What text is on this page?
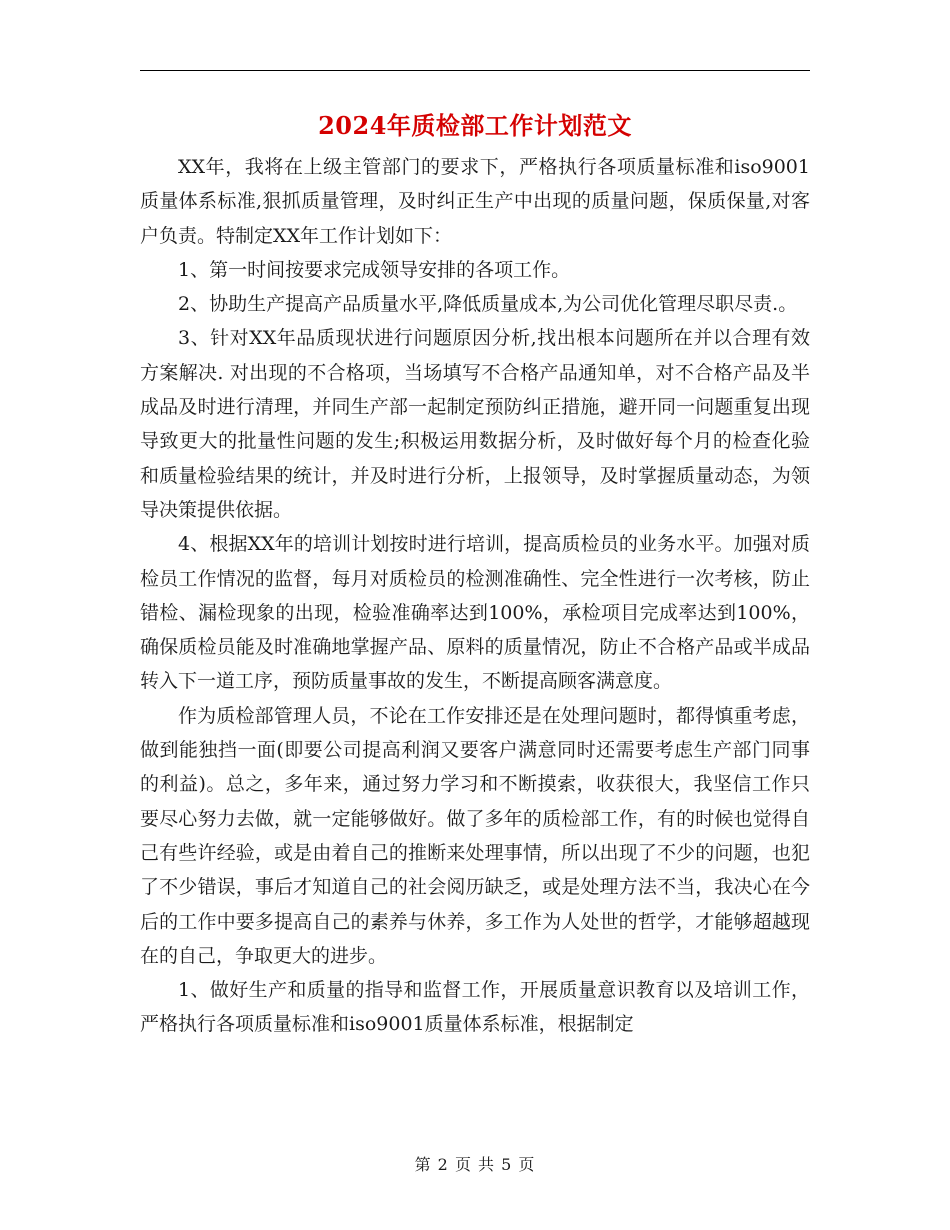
2024年质检部工作计划范文

XX年，我将在上级主管部门的要求下，严格执行各项质量标准和iso9001质量体系标准,狠抓质量管理，及时纠正生产中出现的质量问题，保质保量,对客户负责。特制定XX年工作计划如下：

1、第一时间按要求完成领导安排的各项工作。

2、协助生产提高产品质量水平,降低质量成本,为公司优化管理尽职尽责.。

3、针对XX年品质现状进行问题原因分析,找出根本问题所在并以合理有效方案解决. 对出现的不合格项，当场填写不合格产品通知单，对不合格产品及半成品及时进行清理，并同生产部一起制定预防纠正措施，避开同一问题重复出现导致更大的批量性问题的发生;积极运用数据分析，及时做好每个月的检查化验和质量检验结果的统计，并及时进行分析，上报领导，及时掌握质量动态，为领导决策提供依据。

4、根据XX年的培训计划按时进行培训，提高质检员的业务水平。加强对质检员工作情况的监督，每月对质检员的检测准确性、完全性进行一次考核，防止错检、漏检现象的出现，检验准确率达到100%，承检项目完成率达到100%，确保质检员能及时准确地掌握产品、原料的质量情况，防止不合格产品或半成品转入下一道工序，预防质量事故的发生，不断提高顾客满意度。

作为质检部管理人员，不论在工作安排还是在处理问题时，都得慎重考虑，做到能独挡一面(即要公司提高利润又要客户满意同时还需要考虑生产部门同事的利益)。总之，多年来，通过努力学习和不断摸索，收获很大，我坚信工作只要尽心努力去做，就一定能够做好。做了多年的质检部工作，有的时候也觉得自己有些许经验，或是由着自己的推断来处理事情，所以出现了不少的问题，也犯了不少错误，事后才知道自己的社会阅历缺乏，或是处理方法不当，我决心在今后的工作中要多提高自己的素养与休养，多工作为人处世的哲学，才能够超越现在的自己，争取更大的进步。

1、做好生产和质量的指导和监督工作，开展质量意识教育以及培训工作，严格执行各项质量标准和iso9001质量体系标准，根据制定

第 2 页 共 5 页
